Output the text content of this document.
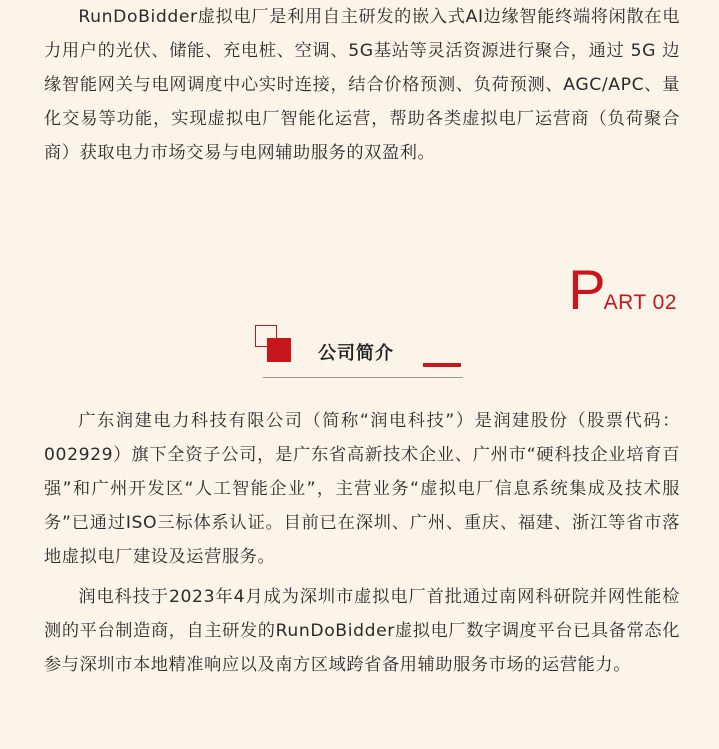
RunDoBidder虚拟电厂是利用自主研发的嵌入式AI边缘智能终端将闲散在电力用户的光伏、储能、充电桩、空调、5G基站等灵活资源进行聚合，通过 5G 边缘智能网关与电网调度中心实时连接，结合价格预测、负荷预测、AGC/APC、量化交易等功能，实现虚拟电厂智能化运营，帮助各类虚拟电厂运营商（负荷聚合商）获取电力市场交易与电网辅助服务的双盈利。

PART 02
公司简介

广东润建电力科技有限公司（简称“润电科技”）是润建股份（股票代码：002929）旗下全资子公司，是广东省高新技术企业、广州市“硬科技企业培育百强”和广州开发区“人工智能企业”，主营业务“虚拟电厂信息系统集成及技术服务”已通过ISO三标体系认证。目前已在深圳、广州、重庆、福建、浙江等省市落地虚拟电厂建设及运营服务。

润电科技于2023年4月成为深圳市虚拟电厂首批通过南网科研院并网性能检测的平台制造商，自主研发的RunDoBidder虚拟电厂数字调度平台已具备常态化参与深圳市本地精准响应以及南方区域跨省备用辅助服务市场的运营能力。
